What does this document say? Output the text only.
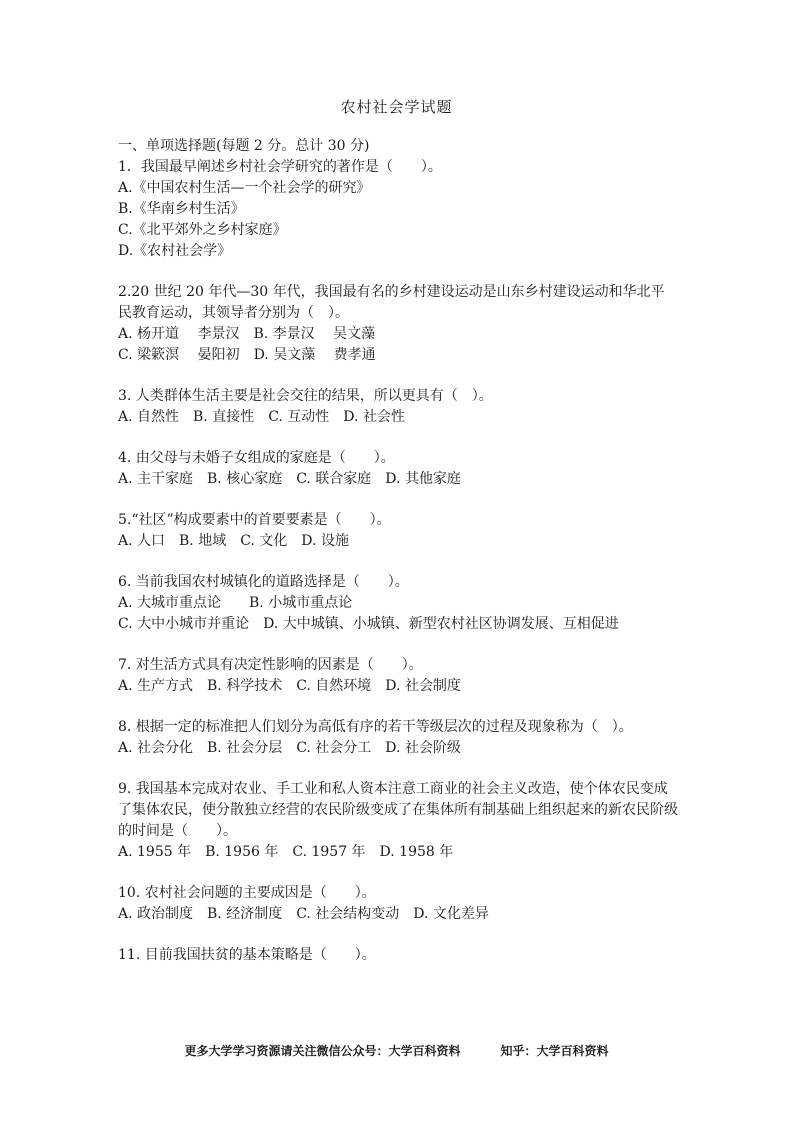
农村社会学试题

一、单项选择题(每题 2 分。总计 30 分)

1．我国最早阐述乡村社会学研究的著作是（　　）。

A.《中国农村生活—一个社会学的研究》

B.《华南乡村生活》

C.《北平郊外之乡村家庭》

D.《农村社会学》

2.20 世纪 20 年代—30 年代，我国最有名的乡村建设运动是山东乡村建设运动和华北平民教育运动，其领导者分别为（　）。

A. 杨开道　 李景汉　B. 李景汉　 吴文藻

C. 梁簌溟　 晏阳初　D. 吴文藻　 费孝通

3. 人类群体生活主要是社会交往的结果，所以更具有（　）。

A. 自然性　B. 直接性　C. 互动性　D. 社会性

4. 由父母与未婚子女组成的家庭是（　　）。

A. 主干家庭　B. 核心家庭　C. 联合家庭　D. 其他家庭

5.“社区”构成要素中的首要要素是（　　）。

A. 人口　B. 地域　C. 文化　D. 设施

6. 当前我国农村城镇化的道路选择是（　　）。

A. 大城市重点论　　B. 小城市重点论

C. 大中小城市并重论　D. 大中城镇、小城镇、新型农村社区协调发展、互相促进

7. 对生活方式具有决定性影响的因素是（　　）。

A. 生产方式　B. 科学技术　C. 自然环境　D. 社会制度

8. 根据一定的标准把人们划分为高低有序的若干等级层次的过程及现象称为（　）。

A. 社会分化　B. 社会分层　C. 社会分工　D. 社会阶级

9. 我国基本完成对农业、手工业和私人资本注意工商业的社会主义改造，使个体农民变成了集体农民，使分散独立经营的农民阶级变成了在集体所有制基础上组织起来的新农民阶级的时间是（　　）。

A. 1955 年　B. 1956 年　C. 1957 年　D. 1958 年

10. 农村社会问题的主要成因是（　　）。

A. 政治制度　B. 经济制度　C. 社会结构变动　D. 文化差异

11. 目前我国扶贫的基本策略是（　　）。

更多大学学习资源请关注微信公众号：大学百科资料	知乎：大学百科资料
